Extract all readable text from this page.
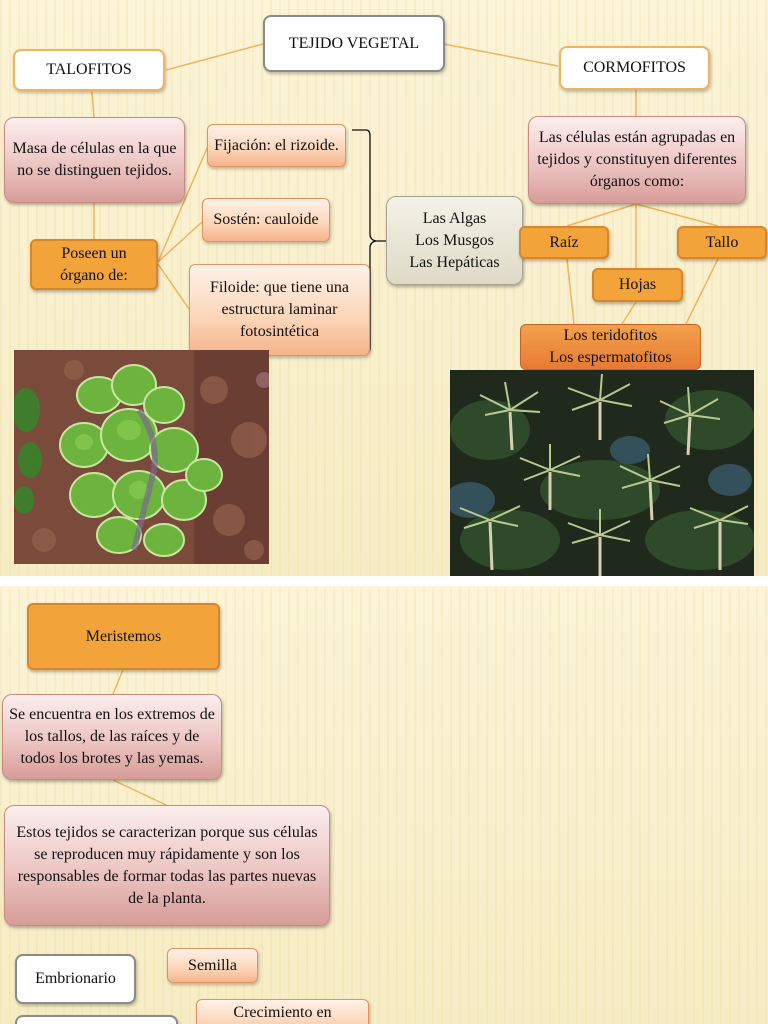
TEJIDO VEGETAL
TALOFITOS	CORMOFITOS
Masa de células en la que no se distinguen tejidos.
Poseen un órgano de:
Fijación: el rizoide.
Sostén: cauloide
Filoide: que tiene una estructura laminar fotosintética
Las Algas
Los Musgos
Las Hepáticas
Las células están agrupadas en tejidos y constituyen diferentes órganos como:
Raíz	Tallo
Hojas
Los teridofitos
Los espermatofitos
Meristemos
Se encuentra en los extremos de los tallos, de las raíces y de todos los brotes y las yemas.
Estos tejidos se caracterizan porque sus células se reproducen muy rápidamente y son los responsables de formar todas las partes nuevas de la planta.
Embrionario
Semilla
Crecimiento en
